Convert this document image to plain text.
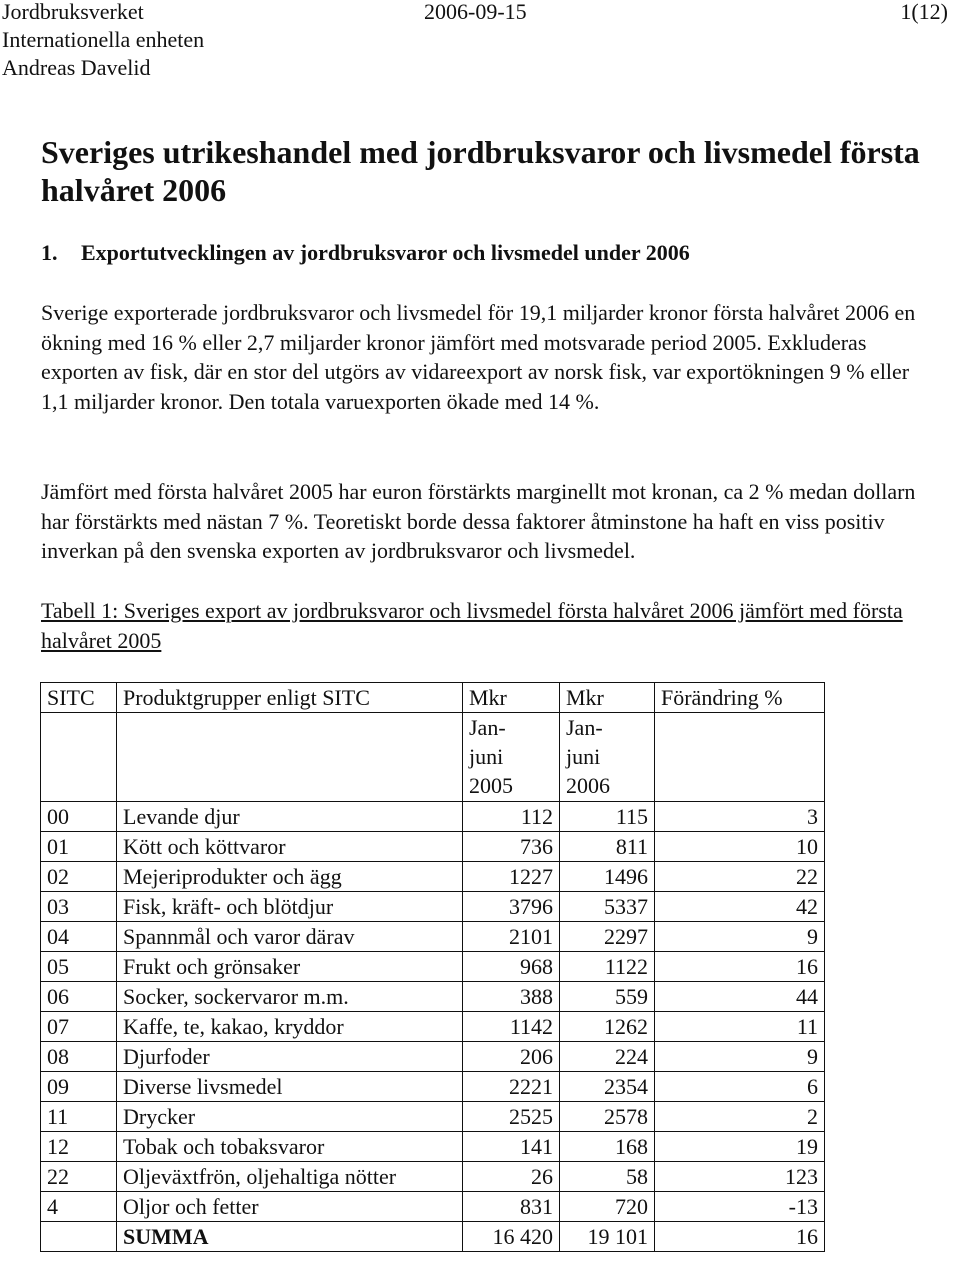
Jordbruksverket
Internationella enheten
Andreas Davelid
2006-09-15	1(12)
Sveriges utrikeshandel med jordbruksvaror och livsmedel första halvåret 2006
1. Exportutvecklingen av jordbruksvaror och livsmedel under 2006
Sverige exporterade jordbruksvaror och livsmedel för 19,1 miljarder kronor första halvåret 2006 en ökning med 16 % eller 2,7 miljarder kronor jämfört med motsvarade period 2005. Exkluderas exporten av fisk, där en stor del utgörs av vidareexport av norsk fisk, var exportökningen 9 % eller 1,1 miljarder kronor. Den totala varuexporten ökade med 14 %.
Jämfört med första halvåret 2005 har euron förstärkts marginellt mot kronan, ca 2 % medan dollarn har förstärkts med nästan 7 %. Teoretiskt borde dessa faktorer åtminstone ha haft en viss positiv inverkan på den svenska exporten av jordbruksvaror och livsmedel.
Tabell 1: Sveriges export av jordbruksvaror och livsmedel första halvåret 2006 jämfört med första halvåret 2005
SITC	Produktgrupper enligt SITC	Mkr	Mkr	Förändring %
		Jan-
juni
2005	Jan-
juni
2006	
00	Levande djur	112	115	3
01	Kött och köttvaror	736	811	10
02	Mejeriprodukter och ägg	1227	1496	22
03	Fisk, kräft- och blötdjur	3796	5337	42
04	Spannmål och varor därav	2101	2297	9
05	Frukt och grönsaker	968	1122	16
06	Socker, sockervaror m.m.	388	559	44
07	Kaffe, te, kakao, kryddor	1142	1262	11
08	Djurfoder	206	224	9
09	Diverse livsmedel	2221	2354	6
11	Drycker	2525	2578	2
12	Tobak och tobaksvaror	141	168	19
22	Oljeväxtfrön, oljehaltiga nötter	26	58	123
4	Oljor och fetter	831	720	-13
	SUMMA	16 420	19 101	16
